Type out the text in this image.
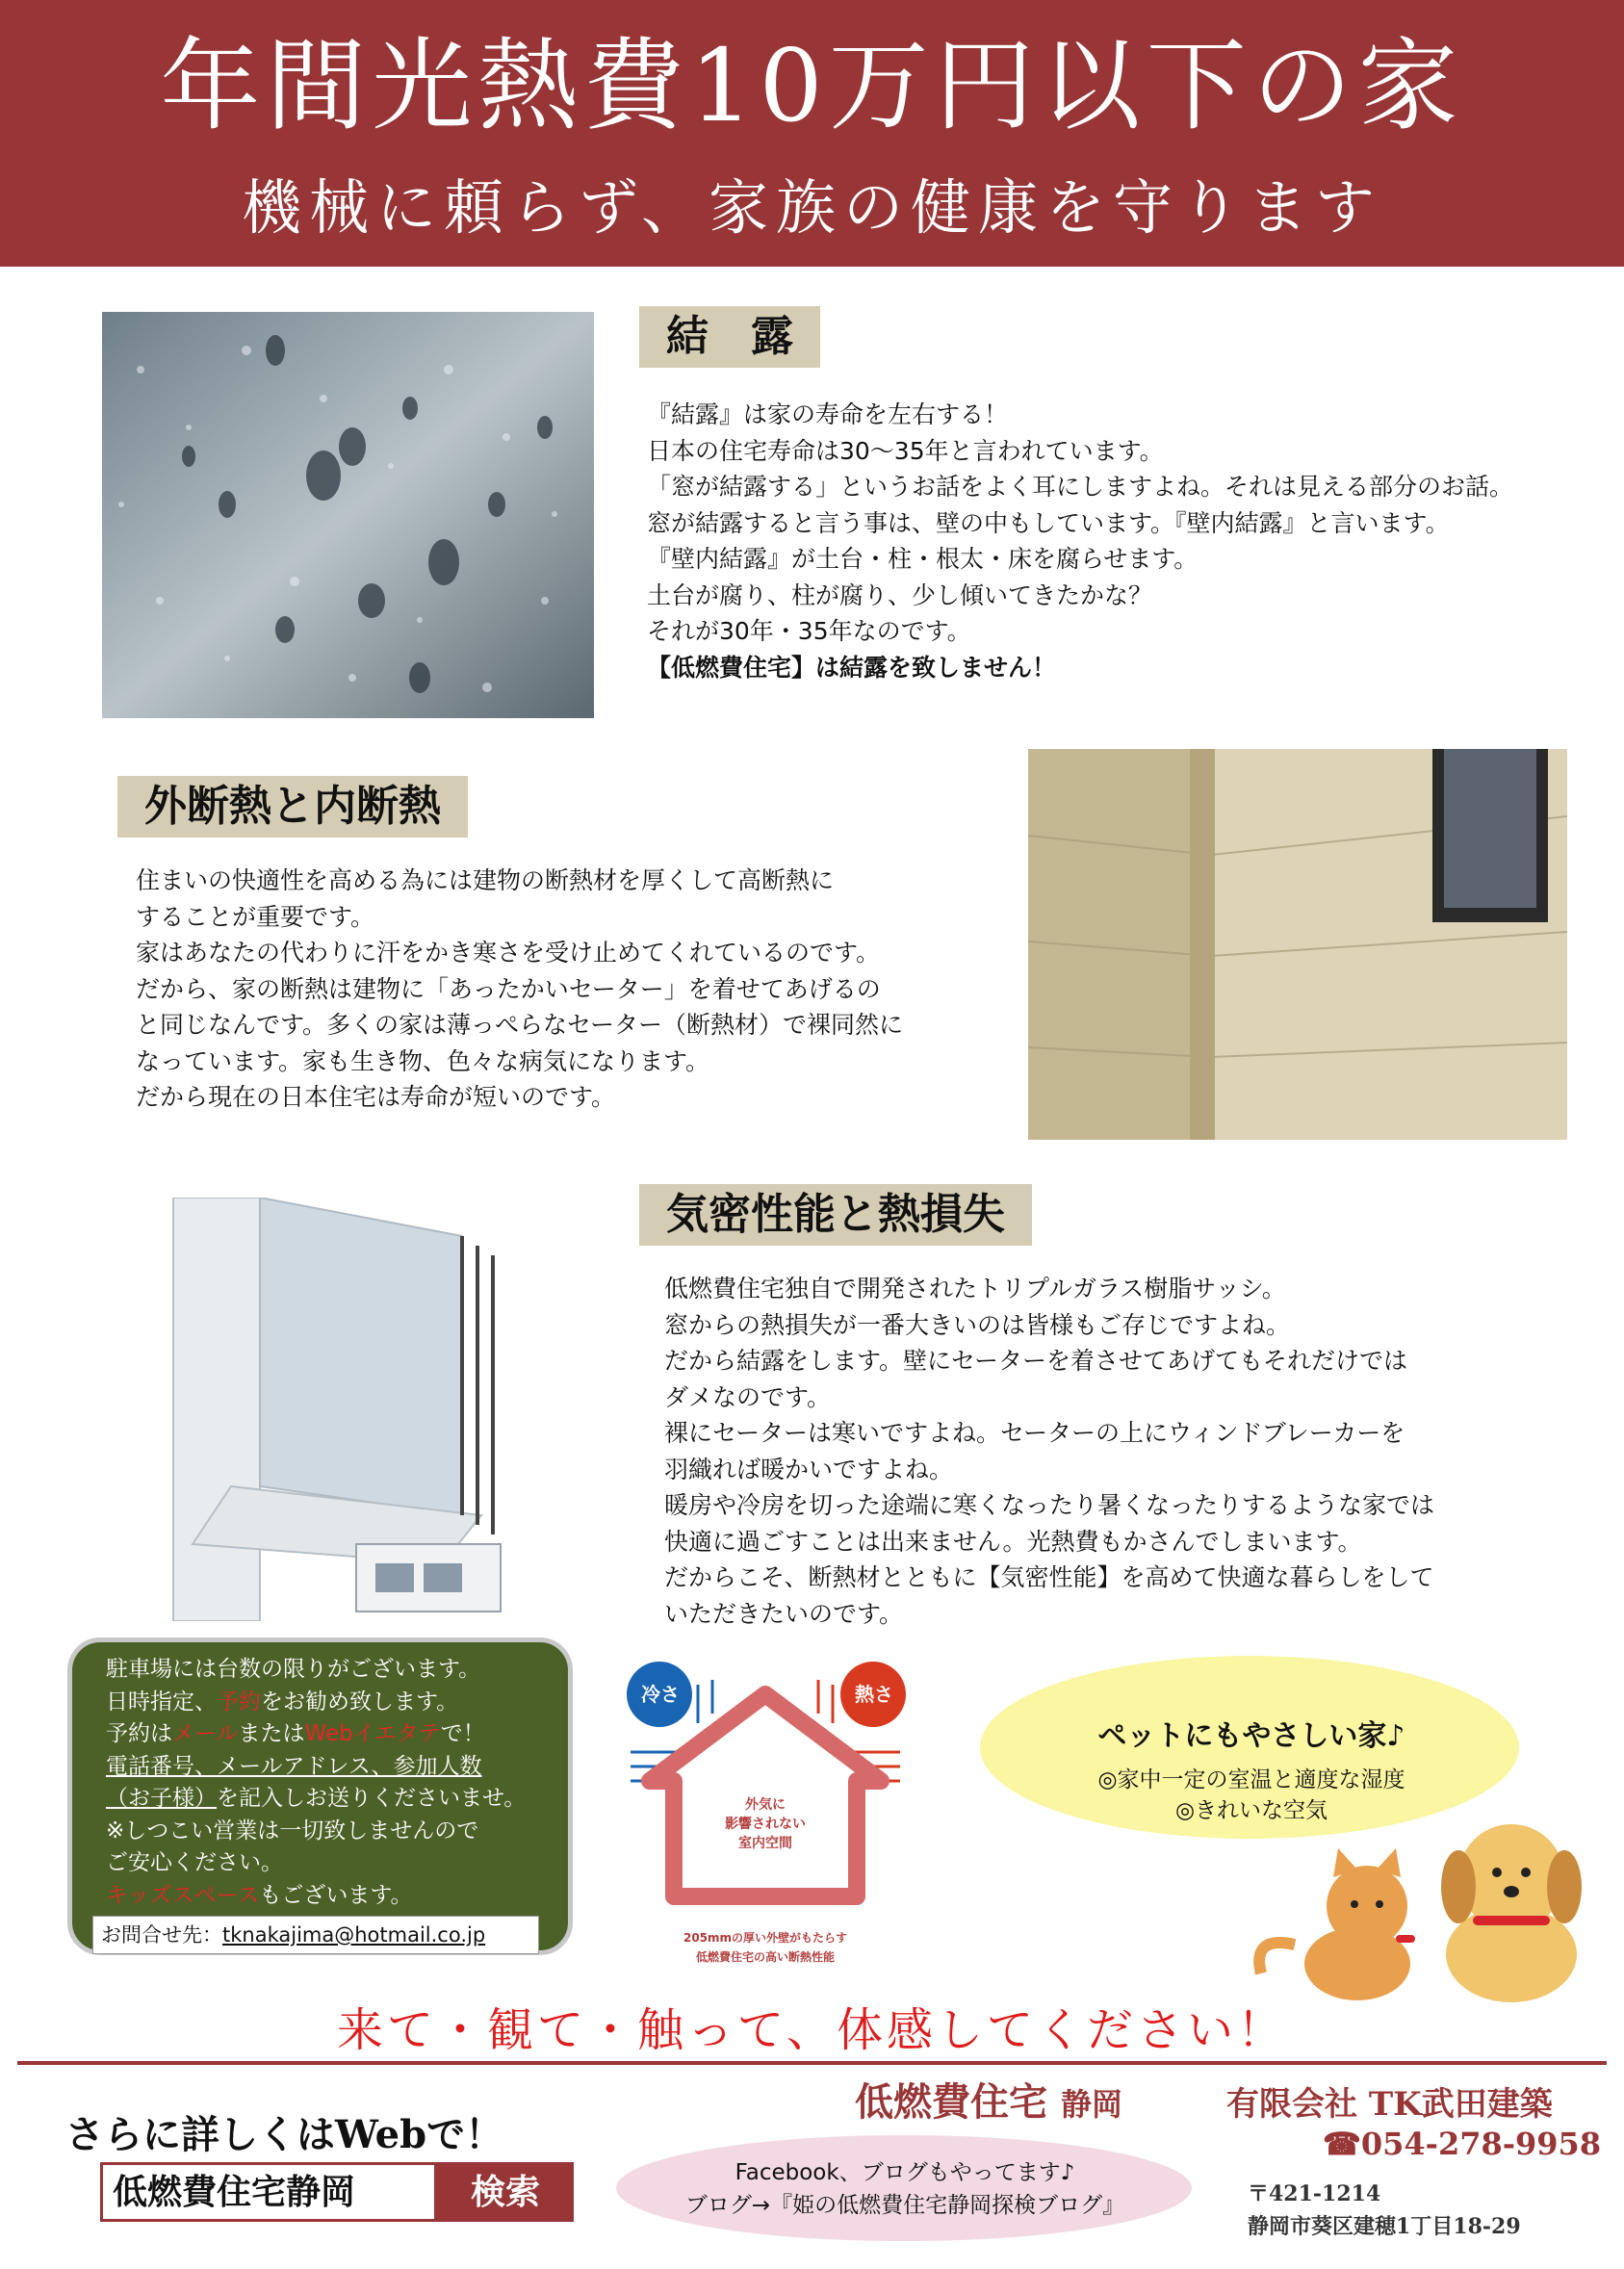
年間光熱費10万円以下の家
機械に頼らず、家族の健康を守ります
結　露
『結露』は家の寿命を左右する！
日本の住宅寿命は30～35年と言われています。
「窓が結露する」というお話をよく耳にしますよね。それは見える部分のお話。
窓が結露すると言う事は、壁の中もしています。『壁内結露』と言います。
『壁内結露』が土台・柱・根太・床を腐らせます。
土台が腐り、柱が腐り、少し傾いてきたかな？
それが30年・35年なのです。
【低燃費住宅】は結露を致しません！
外断熱と内断熱
住まいの快適性を高める為には建物の断熱材を厚くして高断熱に
することが重要です。
家はあなたの代わりに汗をかき寒さを受け止めてくれているのです。
だから、家の断熱は建物に「あったかいセーター」を着せてあげるの
と同じなんです。多くの家は薄っぺらなセーター（断熱材）で裸同然に
なっています。家も生き物、色々な病気になります。
だから現在の日本住宅は寿命が短いのです。
気密性能と熱損失
低燃費住宅独自で開発されたトリプルガラス樹脂サッシ。
窓からの熱損失が一番大きいのは皆様もご存じですよね。
だから結露をします。壁にセーターを着させてあげてもそれだけでは
ダメなのです。
裸にセーターは寒いですよね。セーターの上にウィンドブレーカーを
羽織れば暖かいですよね。
暖房や冷房を切った途端に寒くなったり暑くなったりするような家では
快適に過ごすことは出来ません。光熱費もかさんでしまいます。
だからこそ、断熱材とともに【気密性能】を高めて快適な暮らしをして
いただきたいのです。
駐車場には台数の限りがございます。
日時指定、予約をお勧め致します。
予約はメールまたはWebイエタテで！
電話番号、メールアドレス、参加人数
（お子様）を記入しお送りくださいませ。
※しつこい営業は一切致しませんので
ご安心ください。
キッズスペースもございます。
お問合せ先：tknakajima@hotmail.co.jp
冷さ	熱さ
外気に
影響されない
室内空間
205mmの厚い外壁がもたらす
低燃費住宅の高い断熱性能
ペットにもやさしい家♪
◎家中一定の室温と適度な湿度
◎きれいな空気
来て・観て・触って、体感してください！
さらに詳しくはWebで！
低燃費住宅静岡	検索	Facebook、ブログもやってます♪
ブログ→『姫の低燃費住宅静岡探検ブログ』
低燃費住宅 静岡	有限会社 TK武田建築
☎054-278-9958
〒421-1214
静岡市葵区建穂1丁目18-29
